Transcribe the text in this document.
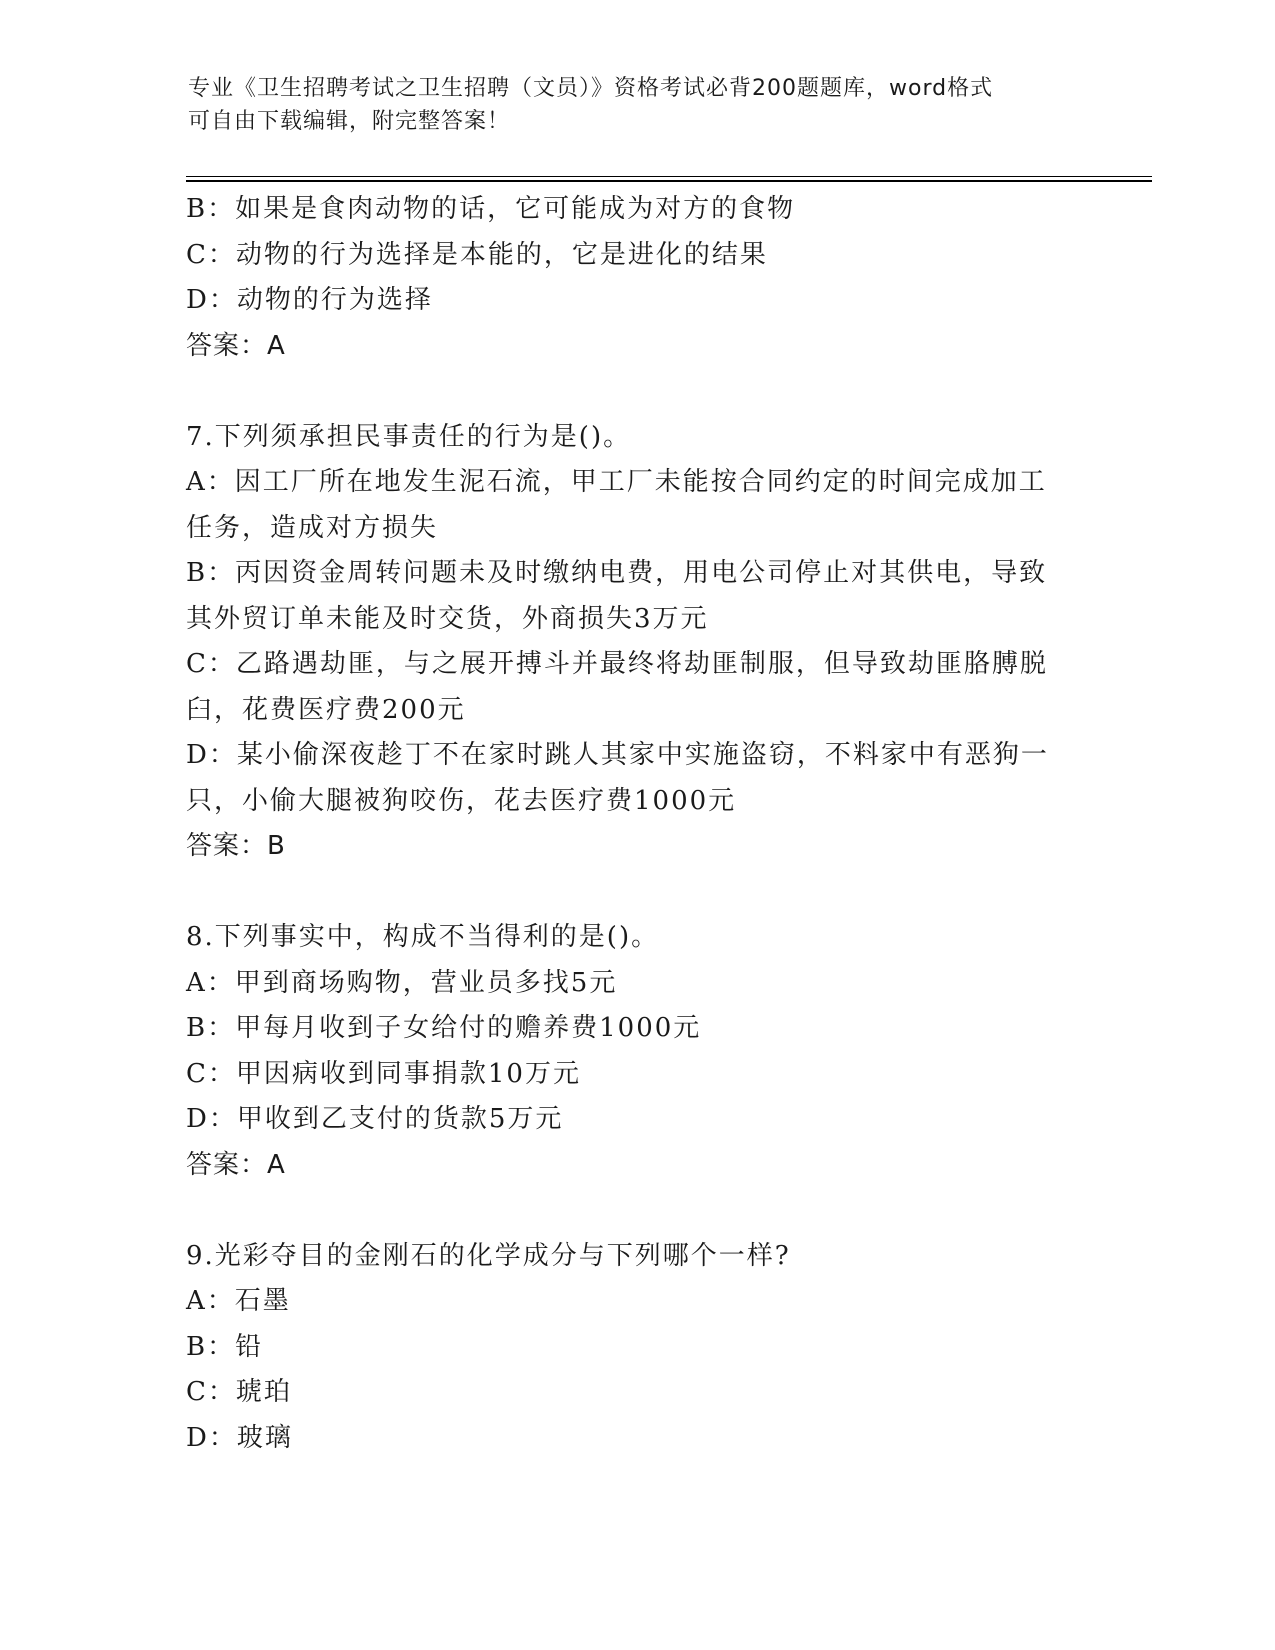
专业《卫生招聘考试之卫生招聘（文员）》资格考试必背200题题库，word格式
可自由下载编辑，附完整答案！
B：如果是食肉动物的话，它可能成为对方的食物
C：动物的行为选择是本能的，它是进化的结果
D：动物的行为选择
答案：A
7.下列须承担民事责任的行为是()。
A：因工厂所在地发生泥石流，甲工厂未能按合同约定的时间完成加工
任务，造成对方损失
B：丙因资金周转问题未及时缴纳电费，用电公司停止对其供电，导致
其外贸订单未能及时交货，外商损失3万元
C：乙路遇劫匪，与之展开搏斗并最终将劫匪制服，但导致劫匪胳膊脱
臼，花费医疗费200元
D：某小偷深夜趁丁不在家时跳人其家中实施盗窃，不料家中有恶狗一
只，小偷大腿被狗咬伤，花去医疗费1000元
答案：B
8.下列事实中，构成不当得利的是()。
A：甲到商场购物，营业员多找5元
B：甲每月收到子女给付的赡养费1000元
C：甲因病收到同事捐款10万元
D：甲收到乙支付的货款5万元
答案：A
9.光彩夺目的金刚石的化学成分与下列哪个一样?
A：石墨
B：铅
C：琥珀
D：玻璃
